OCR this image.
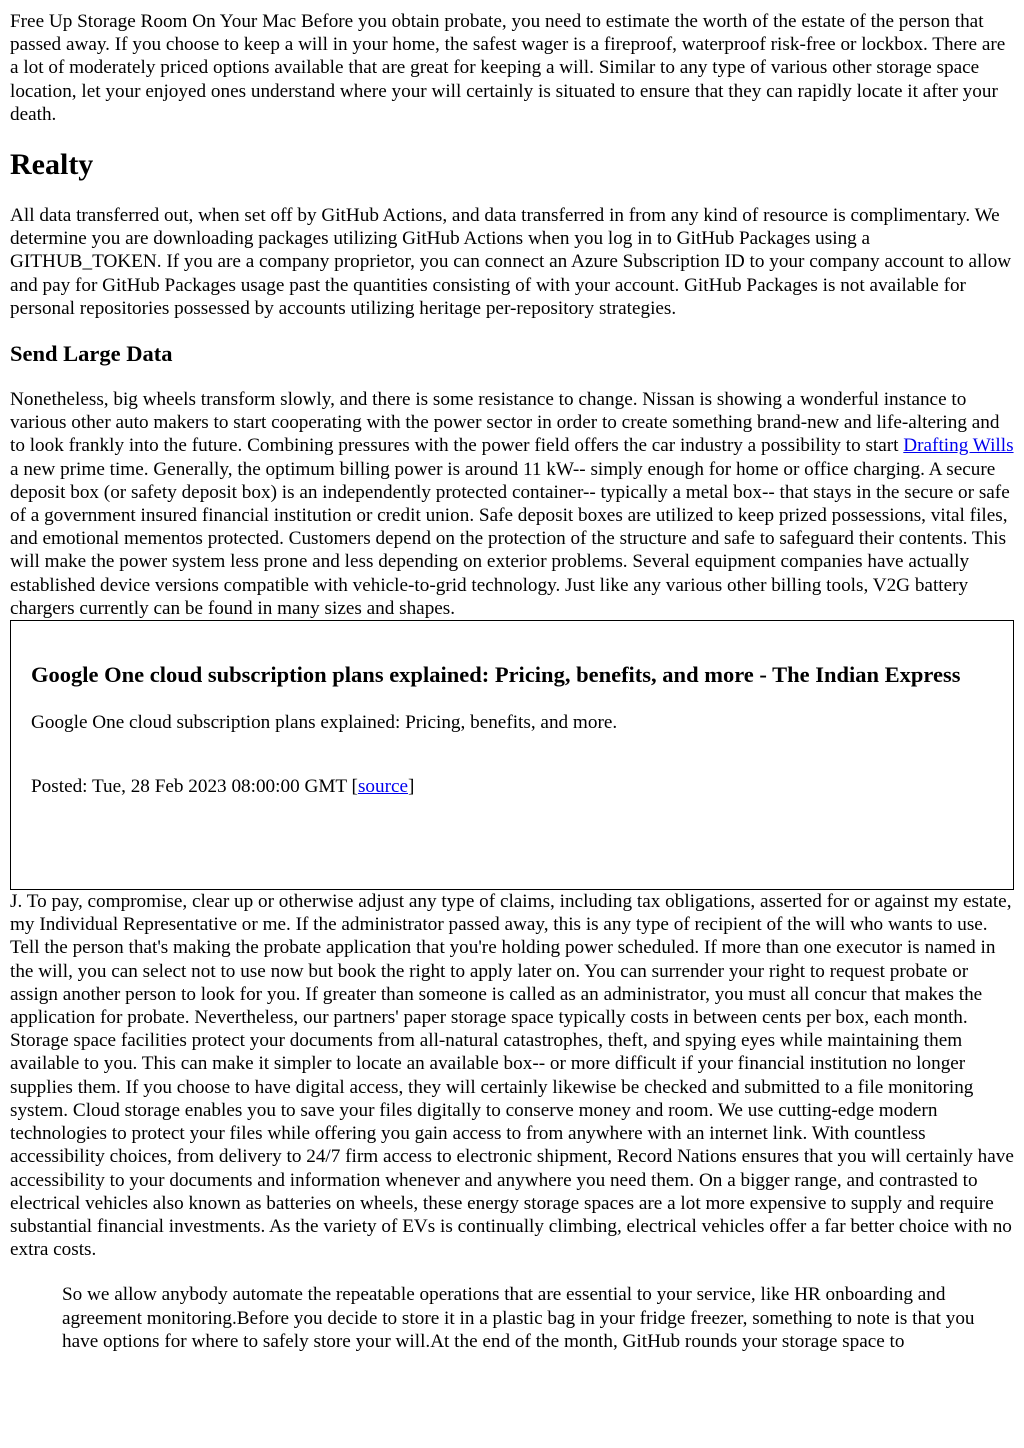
Free Up Storage Room On Your Mac Before you obtain probate, you need to estimate the worth of the estate of the person that passed away. If you choose to keep a will in your home, the safest wager is a fireproof, waterproof risk-free or lockbox. There are a lot of moderately priced options available that are great for keeping a will. Similar to any type of various other storage space location, let your enjoyed ones understand where your will certainly is situated to ensure that they can rapidly locate it after your death.

Realty

All data transferred out, when set off by GitHub Actions, and data transferred in from any kind of resource is complimentary. We determine you are downloading packages utilizing GitHub Actions when you log in to GitHub Packages using a GITHUB_TOKEN. If you are a company proprietor, you can connect an Azure Subscription ID to your company account to allow and pay for GitHub Packages usage past the quantities consisting of with your account. GitHub Packages is not available for personal repositories possessed by accounts utilizing heritage per-repository strategies.

Send Large Data

Nonetheless, big wheels transform slowly, and there is some resistance to change. Nissan is showing a wonderful instance to various other auto makers to start cooperating with the power sector in order to create something brand-new and life-altering and to look frankly into the future. Combining pressures with the power field offers the car industry a possibility to start Drafting Wills a new prime time. Generally, the optimum billing power is around 11 kW-- simply enough for home or office charging. A secure deposit box (or safety deposit box) is an independently protected container-- typically a metal box-- that stays in the secure or safe of a government insured financial institution or credit union. Safe deposit boxes are utilized to keep prized possessions, vital files, and emotional mementos protected. Customers depend on the protection of the structure and safe to safeguard their contents. This will make the power system less prone and less depending on exterior problems. Several equipment companies have actually established device versions compatible with vehicle-to-grid technology. Just like any various other billing tools, V2G battery chargers currently can be found in many sizes and shapes.

Google One cloud subscription plans explained: Pricing, benefits, and more - The Indian Express

Google One cloud subscription plans explained: Pricing, benefits, and more.

Posted: Tue, 28 Feb 2023 08:00:00 GMT [source]

J. To pay, compromise, clear up or otherwise adjust any type of claims, including tax obligations, asserted for or against my estate, my Individual Representative or me. If the administrator passed away, this is any type of recipient of the will who wants to use. Tell the person that's making the probate application that you're holding power scheduled. If more than one executor is named in the will, you can select not to use now but book the right to apply later on. You can surrender your right to request probate or assign another person to look for you. If greater than someone is called as an administrator, you must all concur that makes the application for probate. Nevertheless, our partners' paper storage space typically costs in between cents per box, each month. Storage space facilities protect your documents from all-natural catastrophes, theft, and spying eyes while maintaining them available to you. This can make it simpler to locate an available box-- or more difficult if your financial institution no longer supplies them. If you choose to have digital access, they will certainly likewise be checked and submitted to a file monitoring system. Cloud storage enables you to save your files digitally to conserve money and room. We use cutting-edge modern technologies to protect your files while offering you gain access to from anywhere with an internet link. With countless accessibility choices, from delivery to 24/7 firm access to electronic shipment, Record Nations ensures that you will certainly have accessibility to your documents and information whenever and anywhere you need them. On a bigger range, and contrasted to electrical vehicles also known as batteries on wheels, these energy storage spaces are a lot more expensive to supply and require substantial financial investments. As the variety of EVs is continually climbing, electrical vehicles offer a far better choice with no extra costs.

So we allow anybody automate the repeatable operations that are essential to your service, like HR onboarding and agreement monitoring.Before you decide to store it in a plastic bag in your fridge freezer, something to note is that you have options for where to safely store your will.At the end of the month, GitHub rounds your storage space to
